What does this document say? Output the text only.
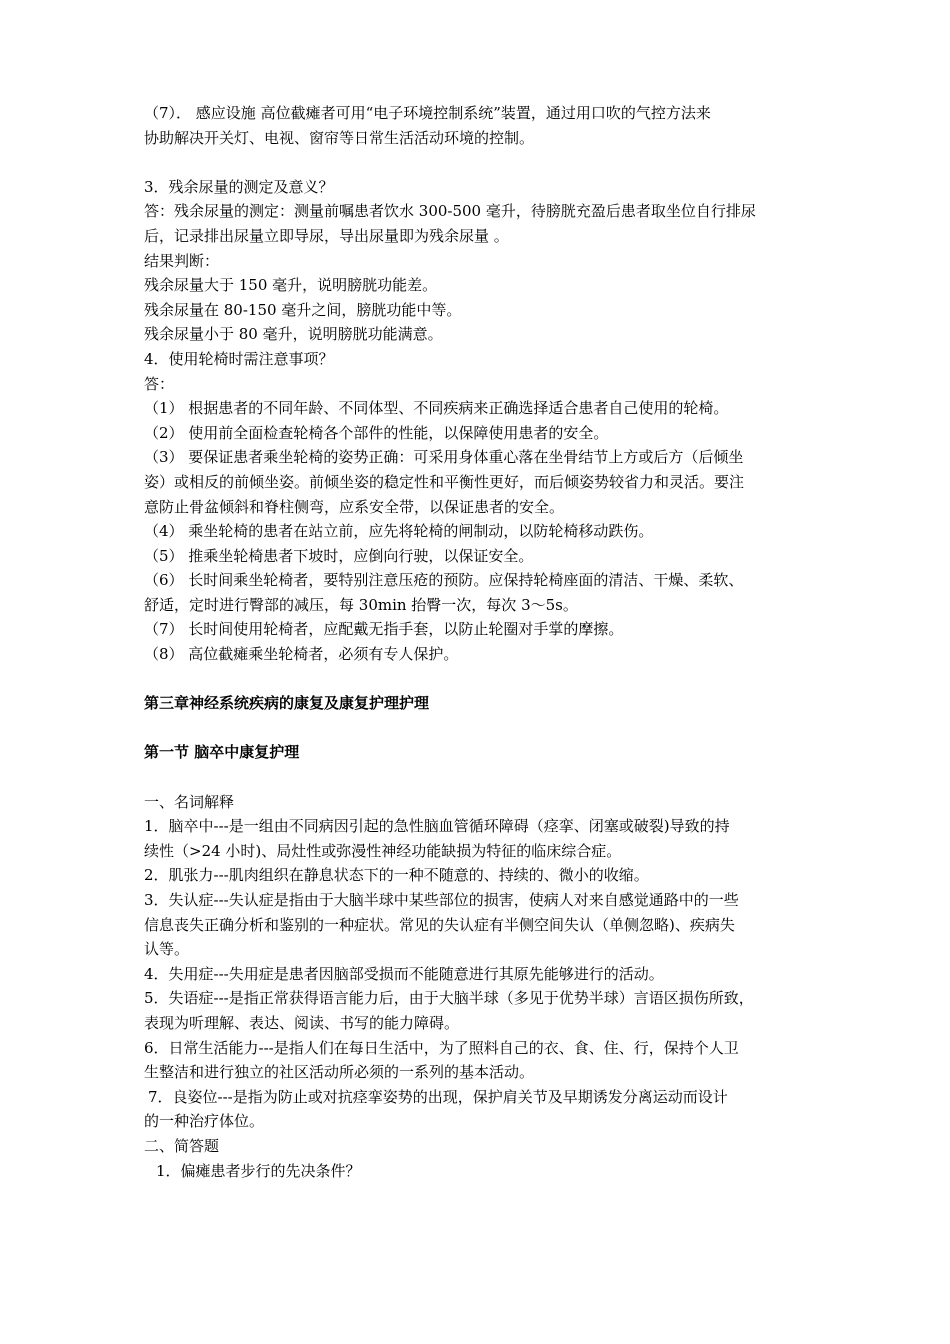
（7）． 感应设施 高位截瘫者可用“电子环境控制系统”装置，通过用口吹的气控方法来
协助解决开关灯、电视、窗帘等日常生活活动环境的控制。
3．残余尿量的测定及意义？
答：残余尿量的测定：测量前嘱患者饮水 300-500 毫升，待膀胱充盈后患者取坐位自行排尿
后，记录排出尿量立即导尿，导出尿量即为残余尿量 。
结果判断：
残余尿量大于 150 毫升，说明膀胱功能差。
残余尿量在 80-150 毫升之间，膀胱功能中等。
残余尿量小于 80 毫升，说明膀胱功能满意。
4．使用轮椅时需注意事项？
答：
（1） 根据患者的不同年龄、不同体型、不同疾病来正确选择适合患者自己使用的轮椅。
（2） 使用前全面检查轮椅各个部件的性能，以保障使用患者的安全。
（3） 要保证患者乘坐轮椅的姿势正确：可采用身体重心落在坐骨结节上方或后方（后倾坐
姿）或相反的前倾坐姿。前倾坐姿的稳定性和平衡性更好，而后倾姿势较省力和灵活。要注
意防止骨盆倾斜和脊柱侧弯，应系安全带，以保证患者的安全。
（4） 乘坐轮椅的患者在站立前，应先将轮椅的闸制动，以防轮椅移动跌伤。
（5） 推乘坐轮椅患者下坡时，应倒向行驶，以保证安全。
（6） 长时间乘坐轮椅者，要特别注意压疮的预防。应保持轮椅座面的清洁、干燥、柔软、
舒适，定时进行臀部的减压，每 30min 抬臀一次，每次 3～5s。
（7） 长时间使用轮椅者，应配戴无指手套，以防止轮圈对手掌的摩擦。
（8） 高位截瘫乘坐轮椅者，必须有专人保护。
第三章神经系统疾病的康复及康复护理护理
第一节 脑卒中康复护理
一、名词解释
1．脑卒中---是一组由不同病因引起的急性脑血管循环障碍（痉挛、闭塞或破裂)导致的持
续性（>24 小时)、局灶性或弥漫性神经功能缺损为特征的临床综合症。
2．肌张力---肌肉组织在静息状态下的一种不随意的、持续的、微小的收缩。
3．失认症---失认症是指由于大脑半球中某些部位的损害，使病人对来自感觉通路中的一些
信息丧失正确分析和鉴别的一种症状。常见的失认症有半侧空间失认（单侧忽略)、疾病失
认等。
4．失用症---失用症是患者因脑部受损而不能随意进行其原先能够进行的活动。
5．失语症---是指正常获得语言能力后，由于大脑半球（多见于优势半球）言语区损伤所致，
表现为听理解、表达、阅读、书写的能力障碍。
6．日常生活能力---是指人们在每日生活中，为了照料自己的衣、食、住、行，保持个人卫
生整洁和进行独立的社区活动所必须的一系列的基本活动。
7．良姿位---是指为防止或对抗痉挛姿势的出现，保护肩关节及早期诱发分离运动而设计
的一种治疗体位。
二、简答题
1．偏瘫患者步行的先决条件？
